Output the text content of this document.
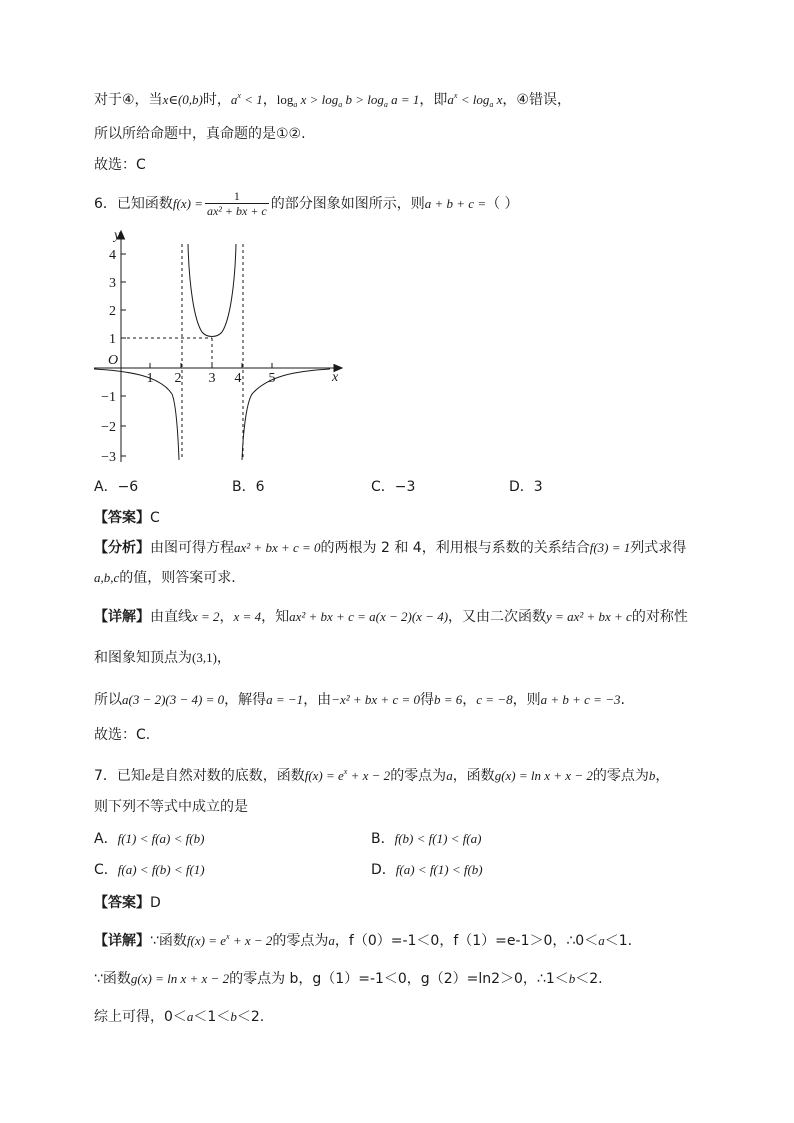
对于④，当x∈(0,b)时，$a^x < 1$，$\log_a x > \log_a b > \log_a a = 1$，即$a^x < \log_a x$，④错误，
所以所给命题中，真命题的是①②.
故选：C
6．已知函数$f(x) = \frac{1}{\text{ax² + bx + c}}$ 的部分图象如图所示，则a + b + c =（ ）
y
x
O
4
3
2
1
−1
−2
−3
1 2 3 4 5
A．−6	B．6	C．−3	D．3
【答案】C
【分析】由图可得方程ax² + bx + c = 0的两根为 2 和 4，利用根与系数的关系结合f(3) = 1列式求得
a,b,c的值，则答案可求.
【详解】由直线x = 2，x = 4，知ax² + bx + c = a(x − 2)(x − 4)，又由二次函数y = ax² + bx + c的对称性
和图象知顶点为(3,1)，
所以a(3 − 2)(3 − 4) = 0，解得a = −1，由−x² + bx + c = 0得b = 6，c = −8，则a + b + c = −3.
故选：C.
7．已知e是自然对数的底数，函数$f(x) = e^x + x - 2$的零点为a，函数g(x) = ln x + x − 2的零点为b，
则下列不等式中成立的是
A．f(1) < f(a) < f(b)	B．f(b) < f(1) < f(a)
C．f(a) < f(b) < f(1)	D．f(a) < f(1) < f(b)
【答案】D
【详解】∵函数$f(x) = e^x + x - 2$的零点为a，f（0）=-1＜0，f（1）=e-1＞0，∴0＜a＜1.
∵函数g(x) = ln x + x − 2的零点为 b，g（1）=-1＜0，g（2）=ln2＞0，∴1＜b＜2.
综上可得，0＜a＜1＜b＜2.
